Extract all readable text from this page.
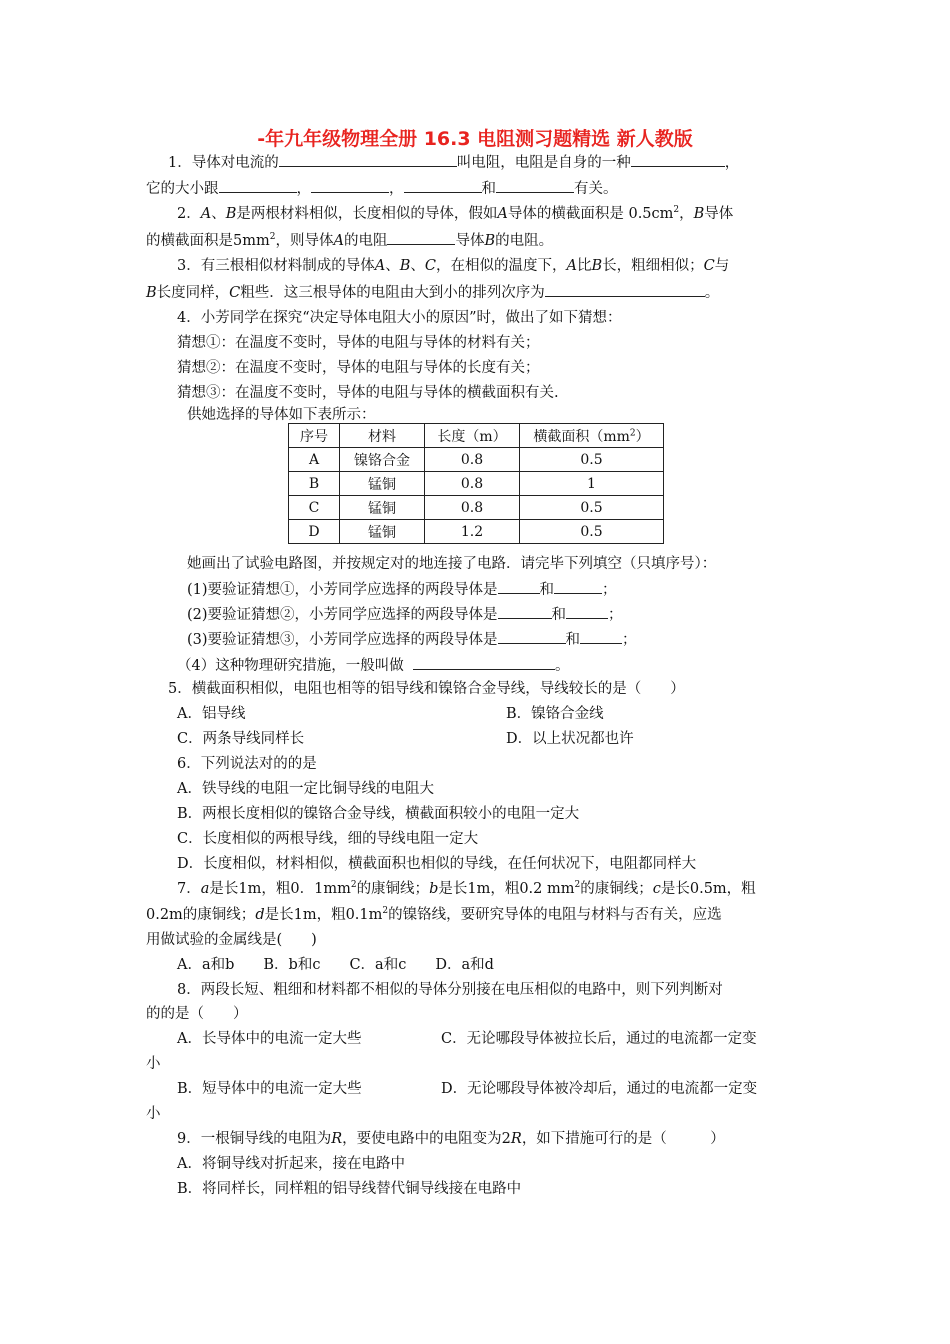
-年九年级物理全册 16.3 电阻测习题精选 新人教版
1．导体对电流的	叫电阻，电阻是自身的一种	，
它的大小跟	，	，	和	有关。
2．A、B是两根材料相似，长度相似的导体，假如A导体的横截面积是 $0.5cm^2$，B导体
的横截面积是$5mm^2$，则导体A的电阻	导体B的电阻。
3．有三根相似材料制成的导体A、B、C，在相似的温度下，A比B长，粗细相似；C与
B长度同样，C粗些．这三根导体的电阻由大到小的排列次序为	。
4．小芳同学在探究“决定导体电阻大小的原因”时，做出了如下猜想：
猜想①：在温度不变时，导体的电阻与导体的材料有关；
猜想②：在温度不变时，导体的电阻与导体的长度有关；
猜想③：在温度不变时，导体的电阻与导体的横截面积有关.
供她选择的导体如下表所示：
序号	材料	长度（m）	横截面积$(mm^2)$
A	镍铬合金	0.8	0.5
B	锰铜	0.8	1
C	锰铜	0.8	0.5
D	锰铜	1.2	0.5
她画出了试验电路图，并按规定对的地连接了电路．请完毕下列填空（只填序号）：
(1)要验证猜想①，小芳同学应选择的两段导体是	和	；
(2)要验证猜想②，小芳同学应选择的两段导体是	和	；
(3)要验证猜想③，小芳同学应选择的两段导体是	和	；
（4）这种物理研究措施，一般叫做	。
5．横截面积相似，电阻也相等的铝导线和镍铬合金导线，导线较长的是（　　）
A．铝导线	B．镍铬合金线
C．两条导线同样长	D．以上状况都也许
6．下列说法对的的是
A．铁导线的电阻一定比铜导线的电阻大
B．两根长度相似的镍铬合金导线，横截面积较小的电阻一定大
C．长度相似的两根导线，细的导线电阻一定大
D．长度相似，材料相似，横截面积也相似的导线，在任何状况下，电阻都同样大
7．a是长1m，粗0．$1mm^2$的康铜线；b是长1m，粗0.2 $mm^2$的康铜线；c是长0.5m，粗
0.2m的康铜线；d是长1m，粗$0.1m^2$的镍铬线，要研究导体的电阻与材料与否有关，应选
用做试验的金属线是(　　)
A．a和b　　B．b和c　　C．a和c　　D．a和d
8．两段长短、粗细和材料都不相似的导体分别接在电压相似的电路中，则下列判断对
的的是（　　）
A．长导体中的电流一定大些	C．无论哪段导体被拉长后，通过的电流都一定变
小
B．短导体中的电流一定大些	D．无论哪段导体被冷却后，通过的电流都一定变
小
9．一根铜导线的电阻为R，要使电路中的电阻变为2R，如下措施可行的是（　　　）
A．将铜导线对折起来，接在电路中
B．将同样长，同样粗的铝导线替代铜导线接在电路中
